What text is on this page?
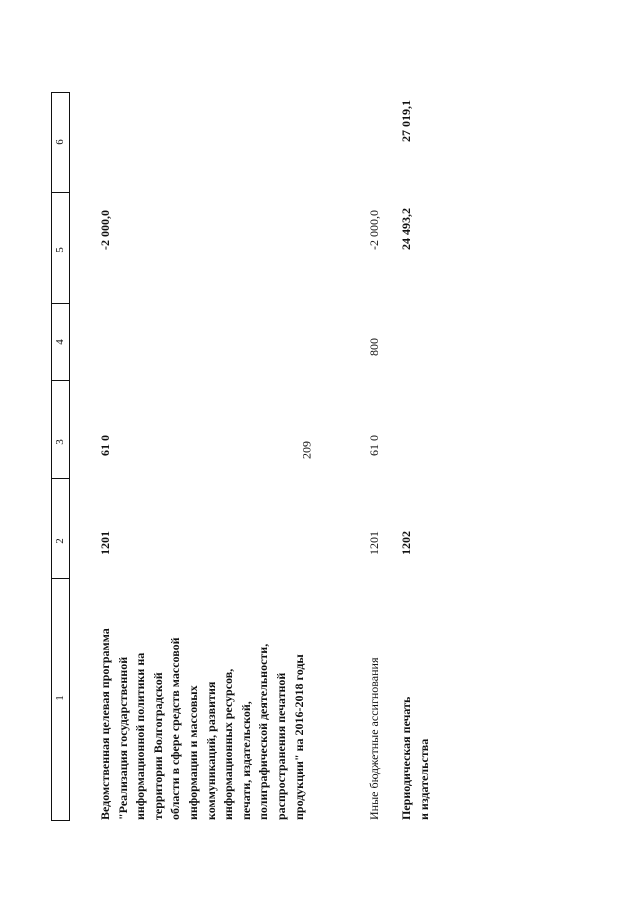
209
1
2
3
4
5
6
Ведомственная целевая программа "Реализация государственной информационной политики на территории Волгоградской области в сфере средств массовой информации и массовых коммуникаций, развития информационных ресурсов, печати, издательской, полиграфической деятельности, распространения печатной продукции" на 2016-2018 годы
1201
61 0
-2 000,0
Иные бюджетные ассигнования
1201
61 0
800
-2 000,0
Периодическая печать и издательства
1202
24 493,2
27 019,1
